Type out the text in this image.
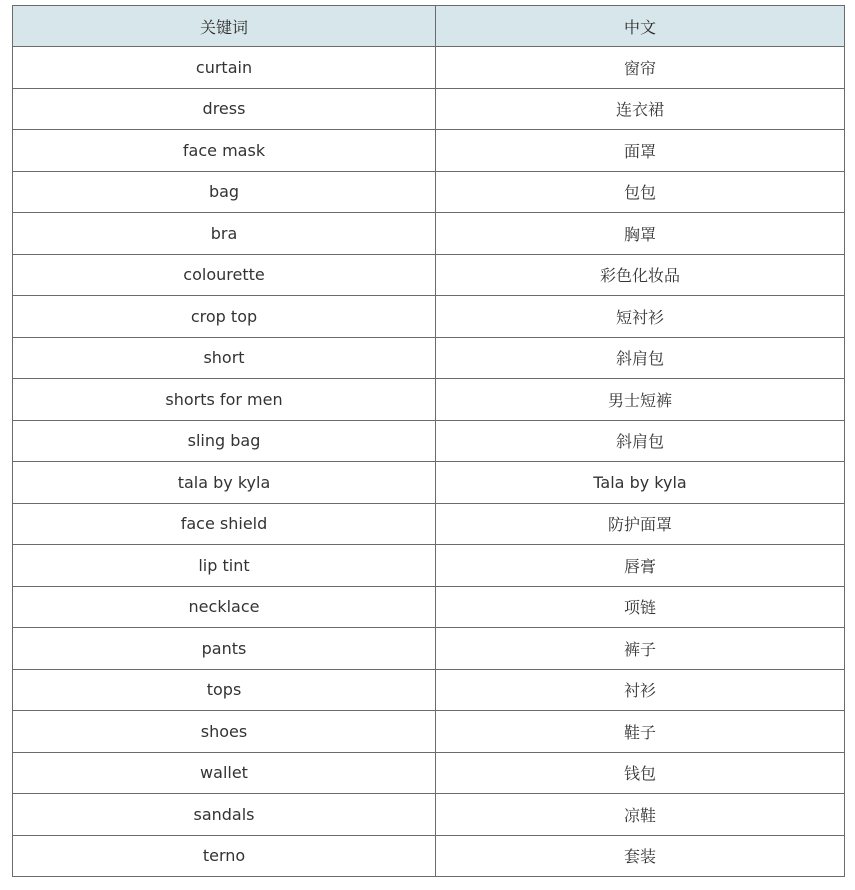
关键词	中文
curtain	窗帘
dress	连衣裙
face mask	面罩
bag	包包
bra	胸罩
colourette	彩色化妆品
crop top	短衬衫
short	斜肩包
shorts for men	男士短裤
sling bag	斜肩包
tala by kyla	Tala by kyla
face shield	防护面罩
lip tint	唇膏
necklace	项链
pants	裤子
tops	衬衫
shoes	鞋子
wallet	钱包
sandals	凉鞋
terno	套装
